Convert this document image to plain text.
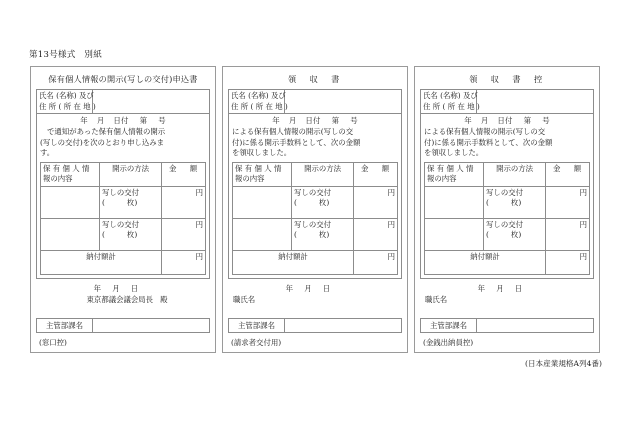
第13号様式　別紙
保有個人情報の開示(写しの交付)申込書
氏名 (名称) 及び
住 所 ( 所 在 地 )
年 月 日付 第 号
で通知があった保有個人情報の開示
(写しの交付)を次のとおり申し込みま
す。
保 有 個 人 情
報の内容	開示の方法	金　額

	写しの交付
( 枚)	円

	写しの交付
( 枚)	円
納付額計		円
年 月 日
東京都議会議会局長 殿
主管部課名
(窓口控)
領　収　書
氏名 (名称) 及び
住 所 ( 所 在 地 )
年 月 日付 第 号
による保有個人情報の開示(写しの交
付)に係る開示手数料として、次の金額
を領収しました。
保 有 個 人 情
報の内容	開示の方法	金　額

	写しの交付
( 枚)	円

	写しの交付
( 枚)	円
納付額計		円
年 月 日
職氏名
主管部課名
(請求者交付用)
領　収　書　控
氏名 (名称) 及び
住 所 ( 所 在 地 )
年 月 日付 第 号
による保有個人情報の開示(写しの交
付)に係る開示手数料として、次の金額
を領収しました。
保 有 個 人 情
報の内容	開示の方法	金　額

	写しの交付
( 枚)	円

	写しの交付
( 枚)	円
納付額計		円
年 月 日
職氏名
主管部課名
(金銭出納員控)
(日本産業規格A列4番)
